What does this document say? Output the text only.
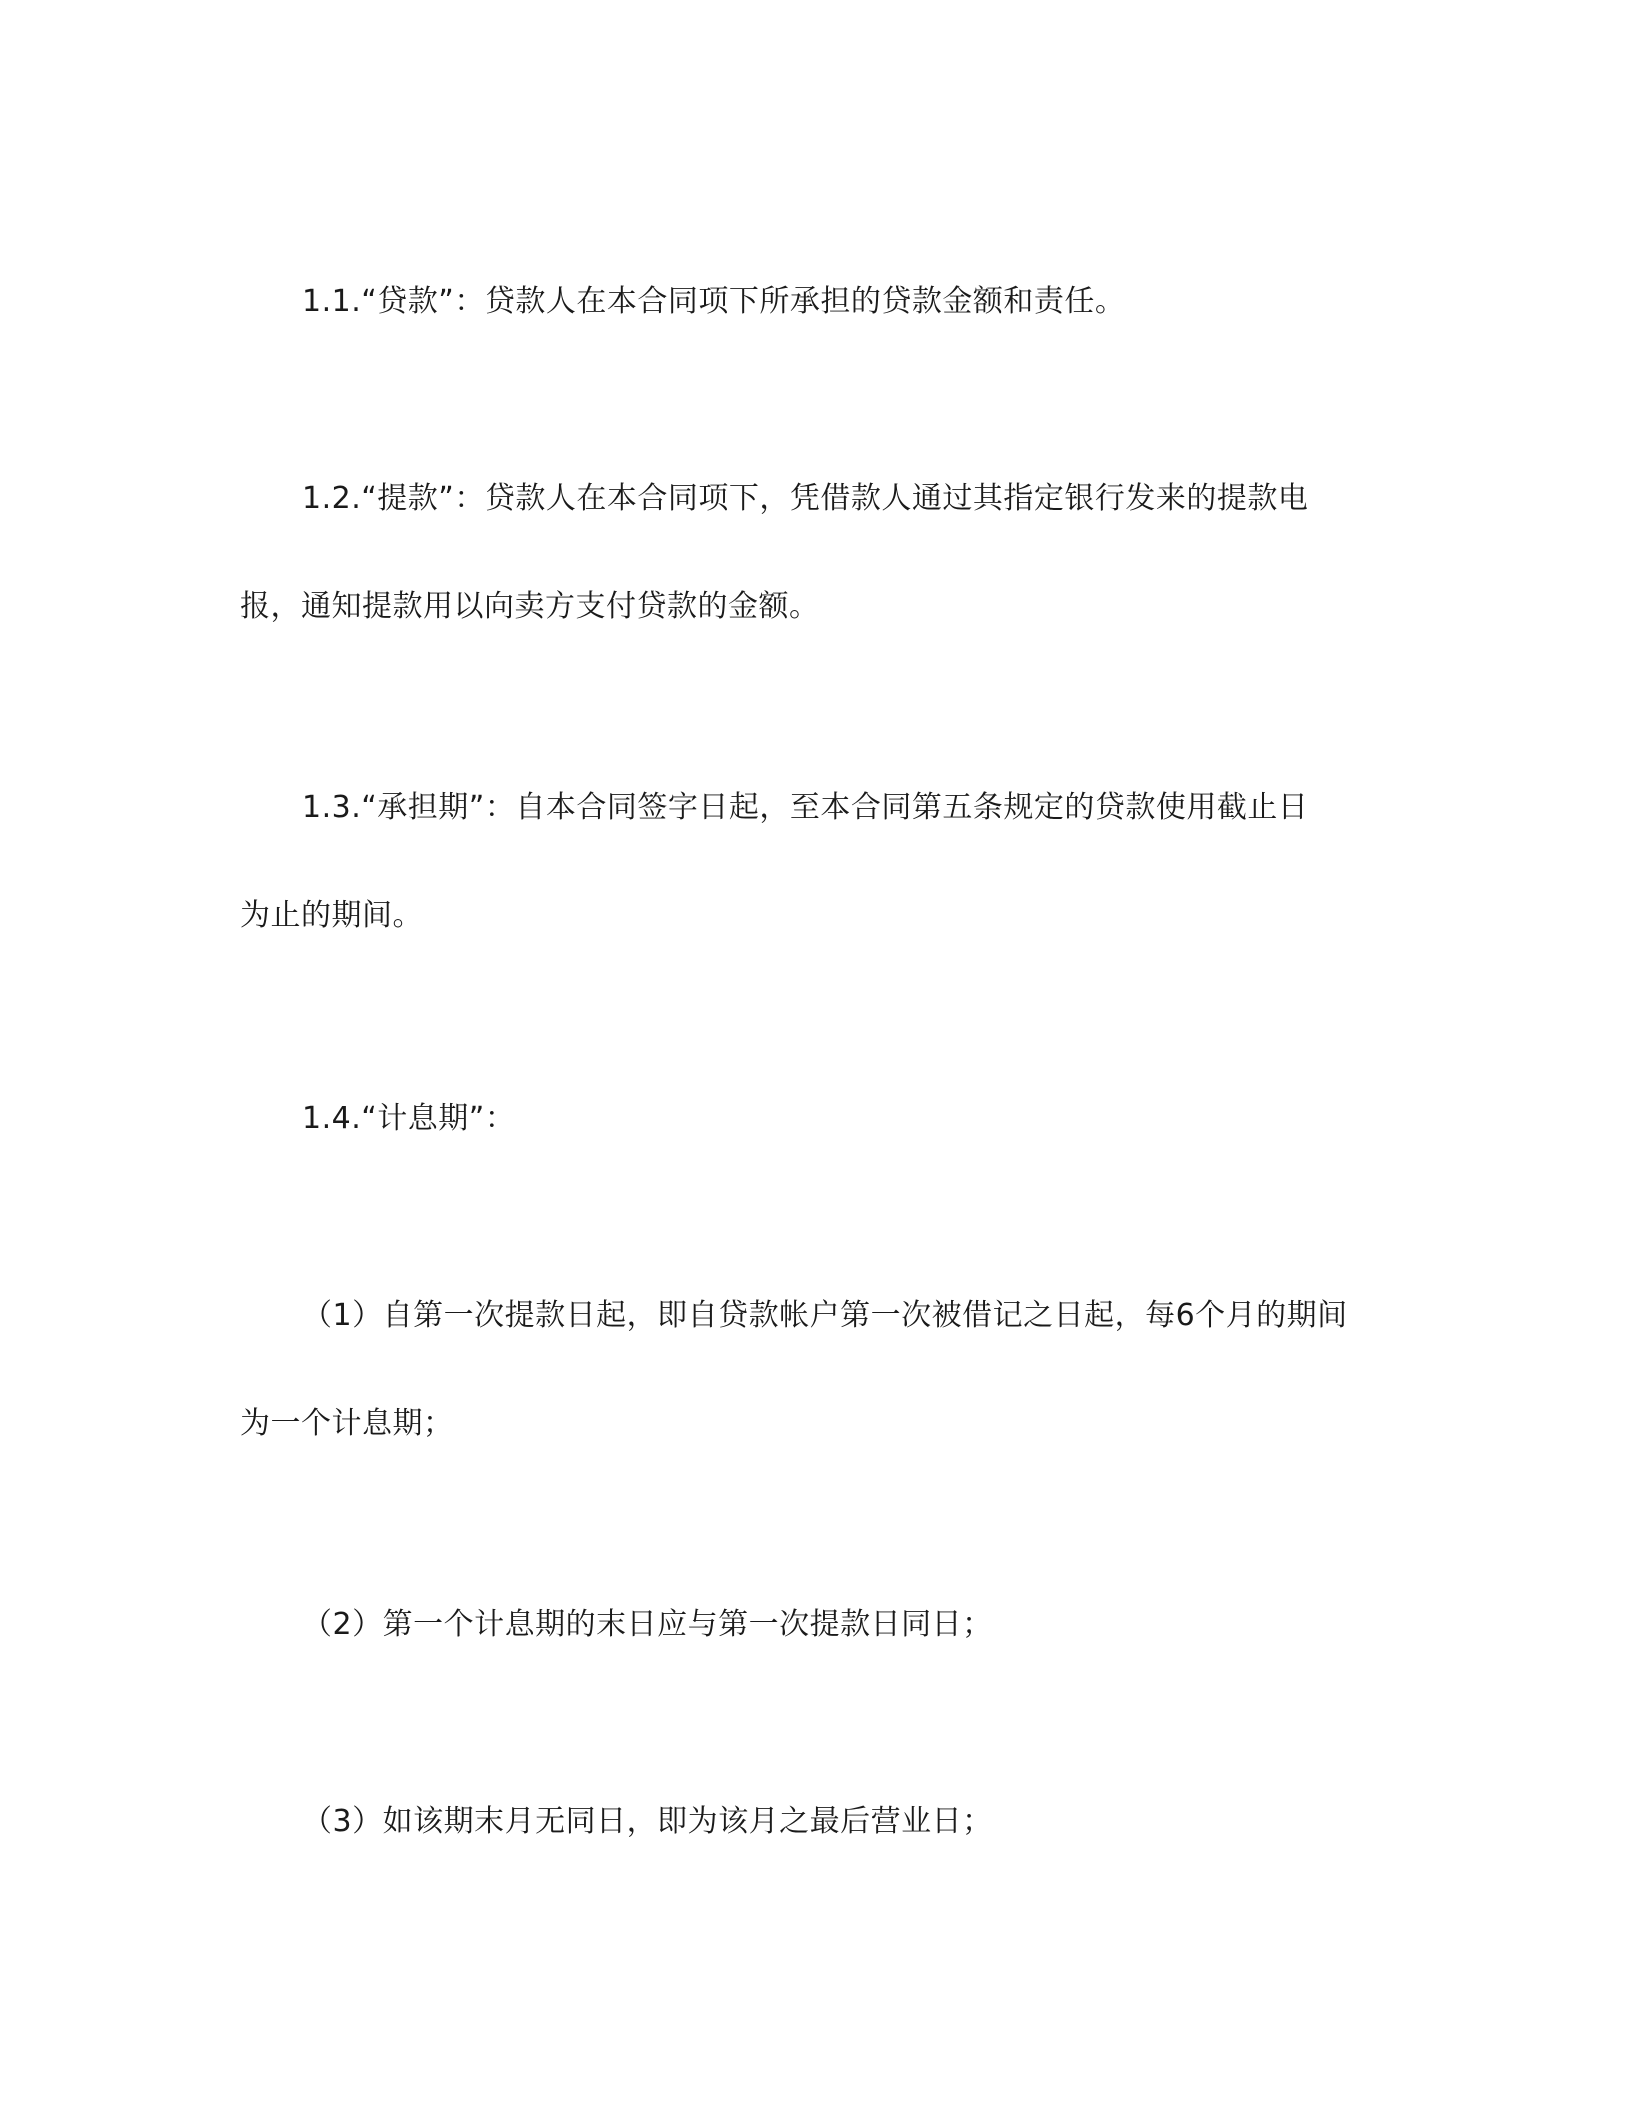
1.1.“贷款”：贷款人在本合同项下所承担的贷款金额和责任。
1.2.“提款”：贷款人在本合同项下，凭借款人通过其指定银行发来的提款电
报，通知提款用以向卖方支付贷款的金额。
1.3.“承担期”：自本合同签字日起，至本合同第五条规定的贷款使用截止日
为止的期间。
1.4.“计息期”：
（1）自第一次提款日起，即自贷款帐户第一次被借记之日起，每6个月的期间
为一个计息期；
（2）第一个计息期的末日应与第一次提款日同日；
（3）如该期末月无同日，即为该月之最后营业日；
